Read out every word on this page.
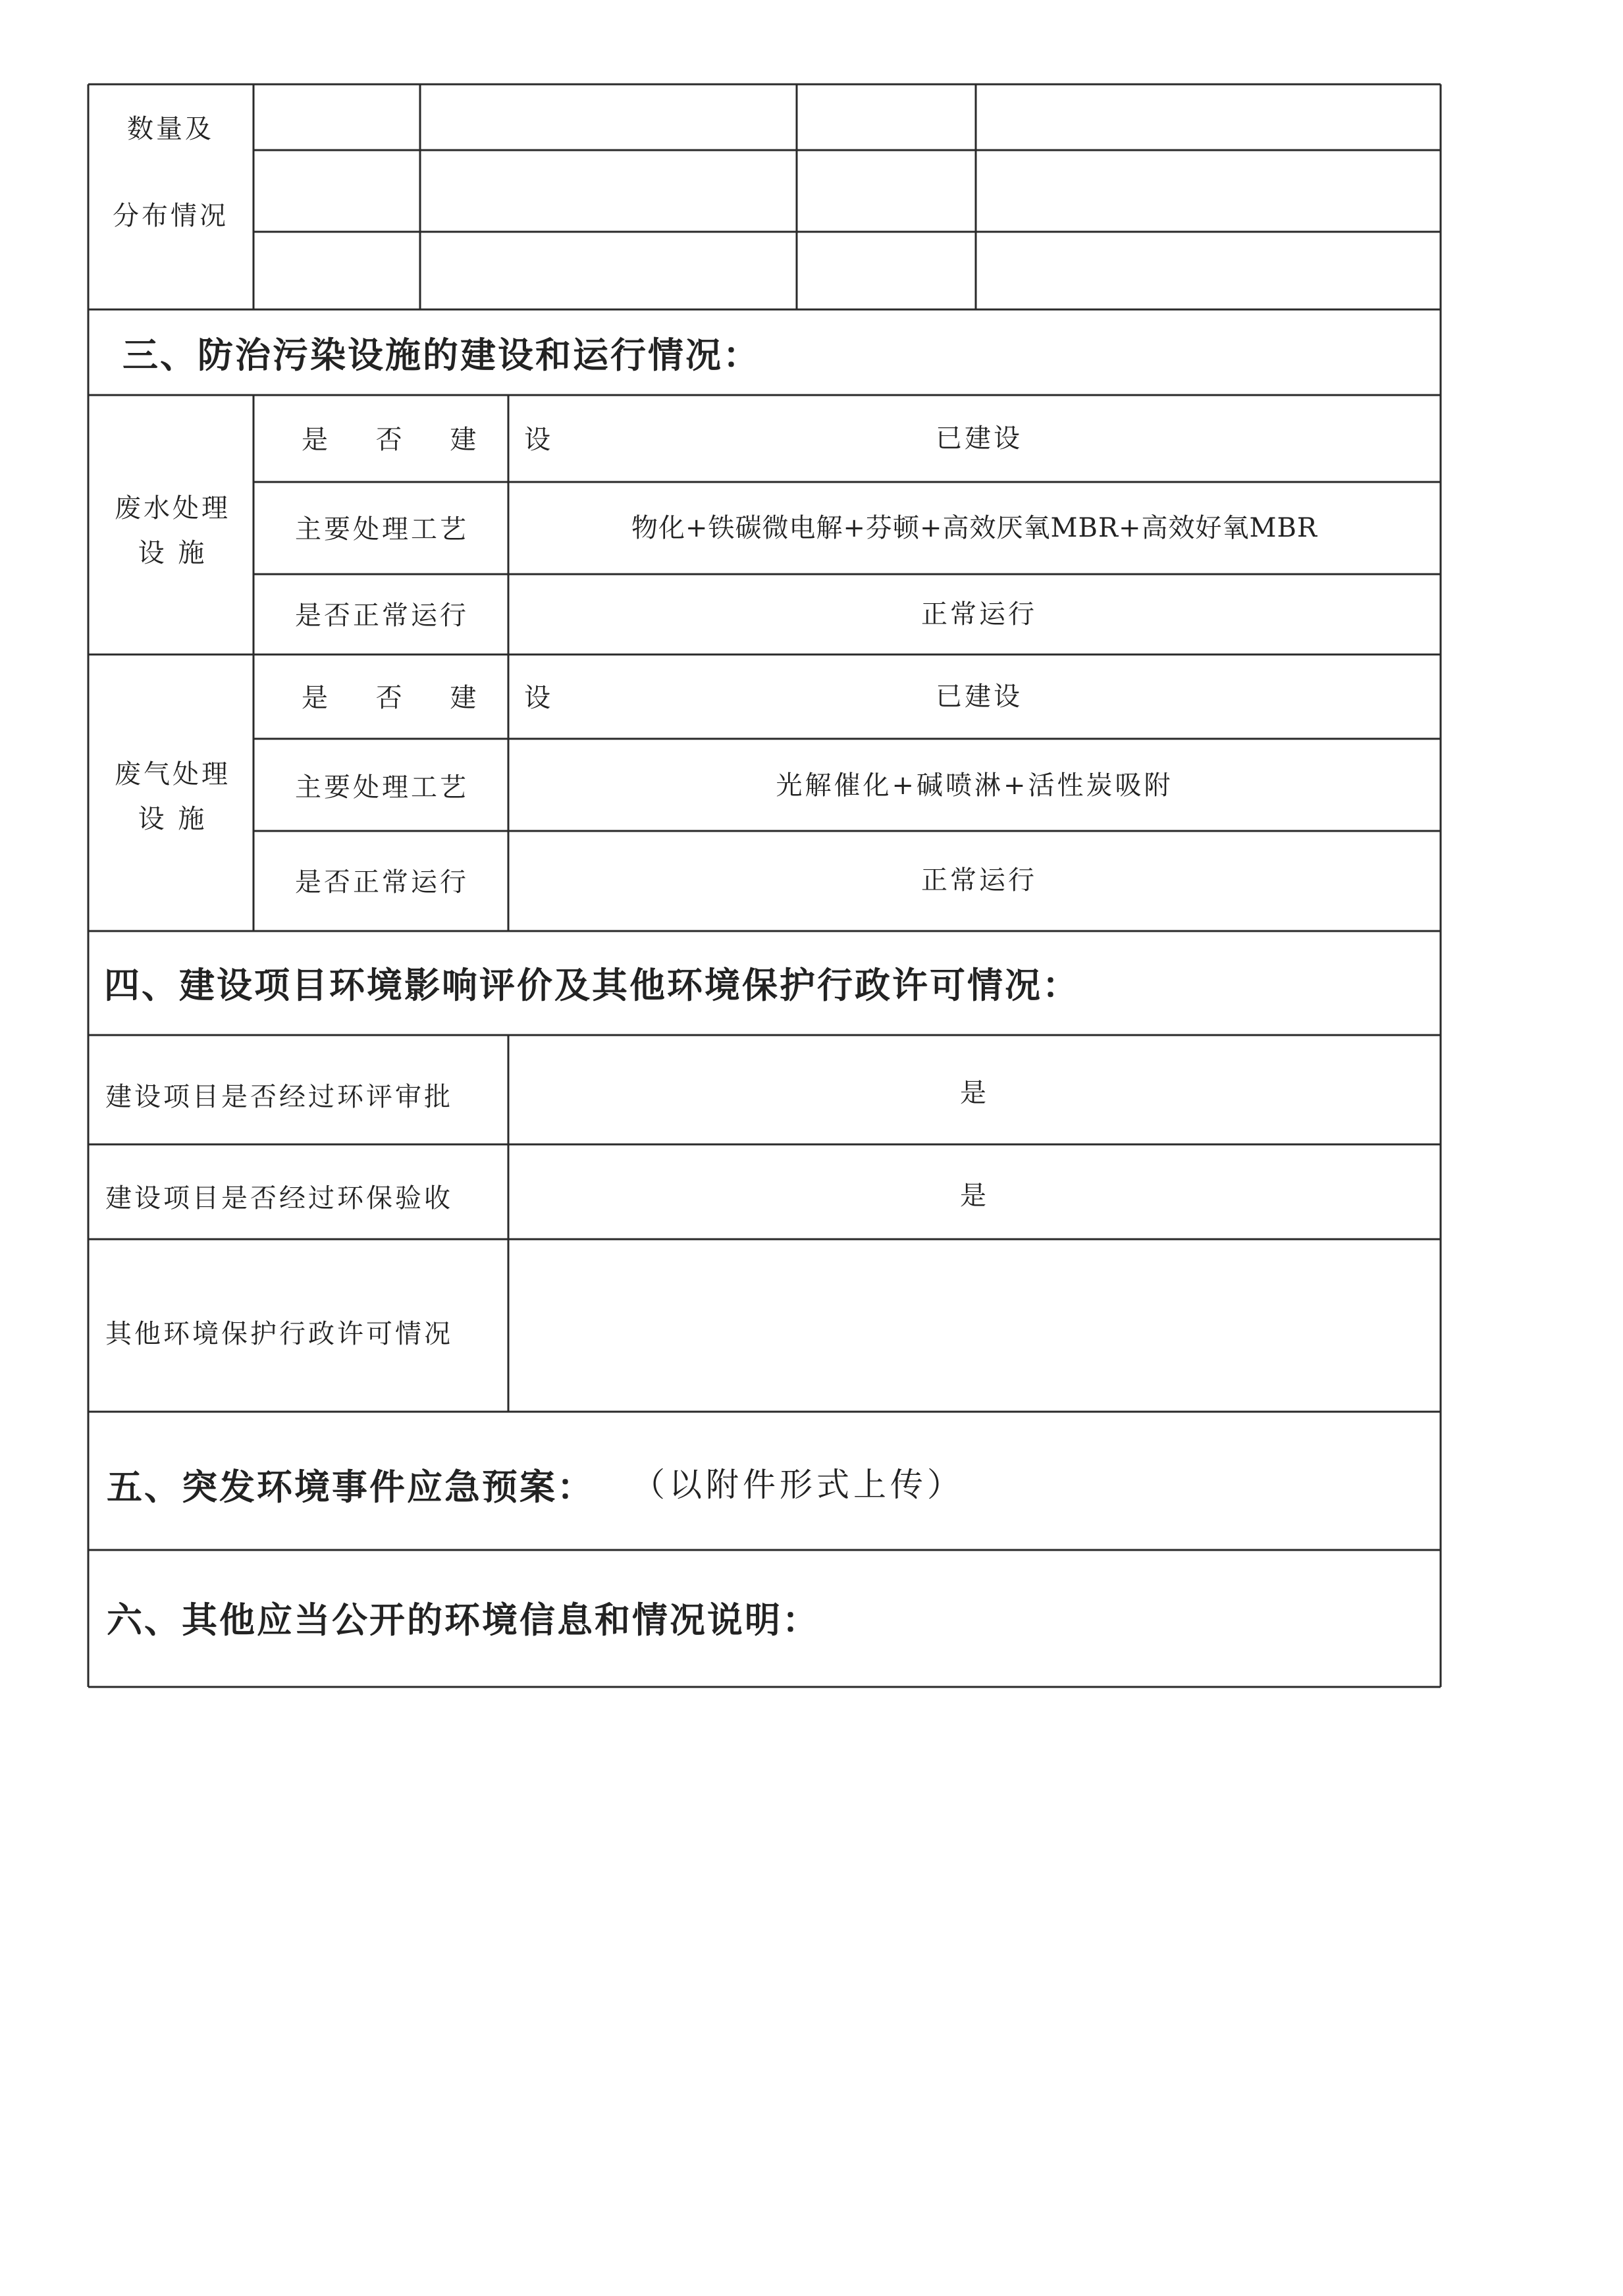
数量及
分布情况
三、防治污染设施的建设和运行情况：
废水处理
设 施
是 否 建 设	已建设
主要处理工艺	物化+铁碳微电解+芬顿+高效厌氧MBR+高效好氧MBR
是否正常运行	正常运行
废气处理
设 施
是 否 建 设	已建设
主要处理工艺	光解催化+碱喷淋+活性炭吸附
是否正常运行	正常运行
四、建设项目环境影响评价及其他环境保护行政许可情况：
建设项目是否经过环评审批	是
建设项目是否经过环保验收	是
其他环境保护行政许可情况
五、突发环境事件应急预案： （以附件形式上传）
六、其他应当公开的环境信息和情况说明：
